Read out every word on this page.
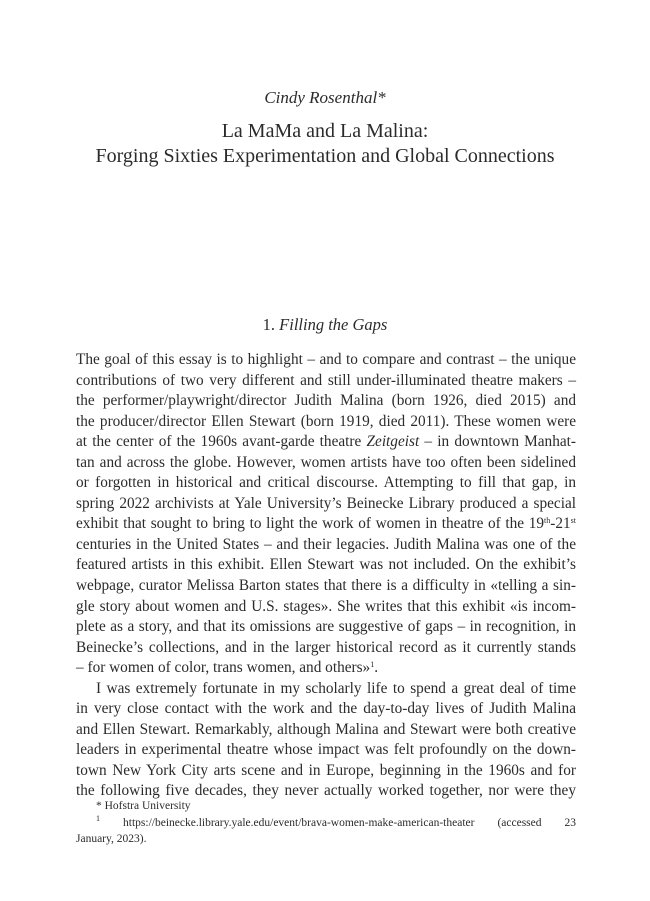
Cindy Rosenthal*
La MaMa and La Malina:
Forging Sixties Experimentation and Global Connections
1. Filling the Gaps
The goal of this essay is to highlight – and to compare and contrast – the unique
contributions of two very different and still under-illuminated theatre makers –
the performer/playwright/director Judith Malina (born 1926, died 2015) and
the producer/director Ellen Stewart (born 1919, died 2011). These women were
at the center of the 1960s avant-garde theatre Zeitgeist – in downtown Manhat-
tan and across the globe. However, women artists have too often been sidelined
or forgotten in historical and critical discourse. Attempting to fill that gap, in
spring 2022 archivists at Yale University’s Beinecke Library produced a special
exhibit that sought to bring to light the work of women in theatre of the 19th-21st
centuries in the United States – and their legacies. Judith Malina was one of the
featured artists in this exhibit. Ellen Stewart was not included. On the exhibit’s
webpage, curator Melissa Barton states that there is a difficulty in «telling a sin-
gle story about women and U.S. stages». She writes that this exhibit «is incom-
plete as a story, and that its omissions are suggestive of gaps – in recognition, in
Beinecke’s collections, and in the larger historical record as it currently stands
– for women of color, trans women, and others»$^1$.
I was extremely fortunate in my scholarly life to spend a great deal of time
in very close contact with the work and the day-to-day lives of Judith Malina
and Ellen Stewart. Remarkably, although Malina and Stewart were both creative
leaders in experimental theatre whose impact was felt profoundly on the down-
town New York City arts scene and in Europe, beginning in the 1960s and for
the following five decades, they never actually worked together, nor were they
* Hofstra University
$^1$ https://beinecke.library.yale.edu/event/brava-women-make-american-theater (accessed 23
January, 2023).
